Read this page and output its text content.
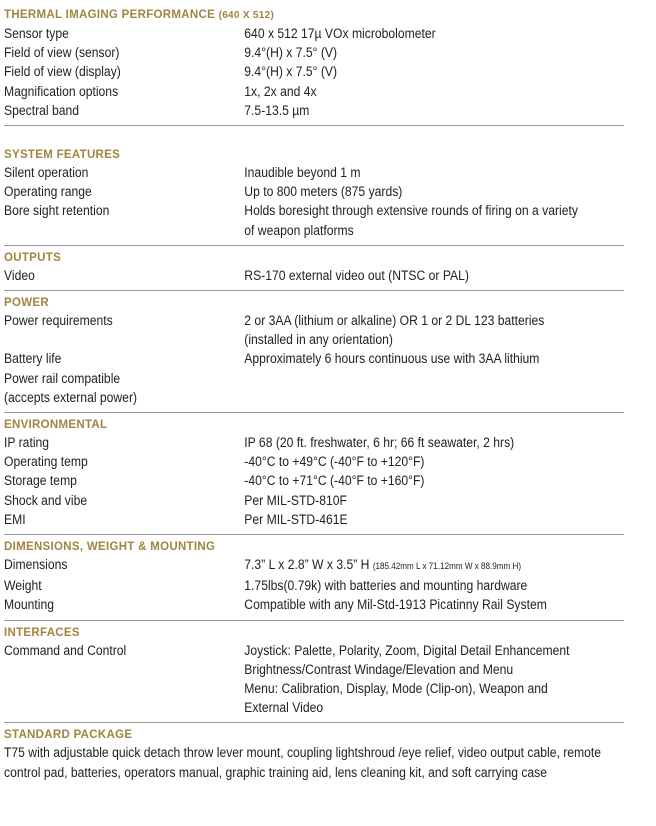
THERMAL IMAGING PERFORMANCE (640 X 512)
Sensor type	640 x 512 17µ VOx microbolometer
Field of view (sensor)	9.4°(H) x 7.5° (V)
Field of view (display)	9.4°(H) x 7.5° (V)
Magnification options	1x, 2x and 4x
Spectral band	7.5-13.5 µm
SYSTEM FEATURES
Silent operation	Inaudible beyond 1 m
Operating range	Up to 800 meters (875 yards)
Bore sight retention	Holds boresight through extensive rounds of firing on a variety
of weapon platforms
OUTPUTS
Video	RS-170 external video out (NTSC or PAL)
POWER
Power requirements	2 or 3AA (lithium or alkaline) OR 1 or 2 DL 123 batteries
(installed in any orientation)
Battery life	Approximately 6 hours continuous use with 3AA lithium
Power rail compatible
(accepts external power)
ENVIRONMENTAL
IP rating	IP 68 (20 ft. freshwater, 6 hr; 66 ft seawater, 2 hrs)
Operating temp	-40°C to +49°C (-40°F to +120°F)
Storage temp	-40°C to +71°C (-40°F to +160°F)
Shock and vibe	Per MIL-STD-810F
EMI	Per MIL-STD-461E
DIMENSIONS, WEIGHT & MOUNTING
Dimensions	7.3” L x 2.8” W x 3.5” H (185.42mm L x 71.12mm W x 88.9mm H)
Weight	1.75lbs(0.79k) with batteries and mounting hardware
Mounting	Compatible with any Mil-Std-1913 Picatinny Rail System
INTERFACES
Command and Control	Joystick: Palette, Polarity, Zoom, Digital Detail Enhancement
Brightness/Contrast Windage/Elevation and Menu
Menu: Calibration, Display, Mode (Clip-on), Weapon and
External Video
STANDARD PACKAGE
T75 with adjustable quick detach throw lever mount, coupling lightshroud /eye relief, video output cable, remote control pad, batteries, operators manual, graphic training aid, lens cleaning kit, and soft carrying case
